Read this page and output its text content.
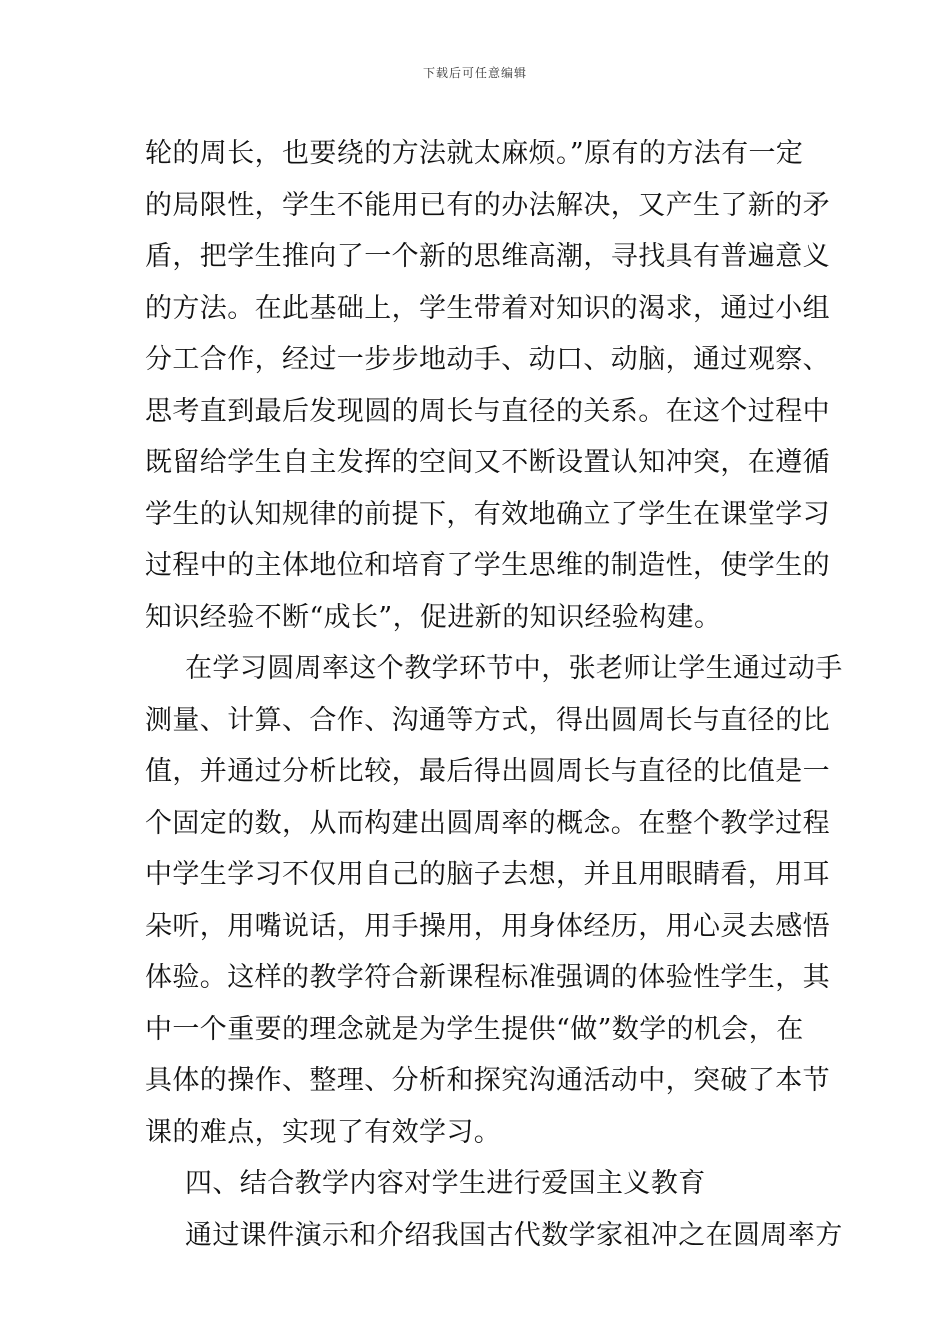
下载后可任意编辑
轮的周长，也要绕的方法就太麻烦。”原有的方法有一定
的局限性，学生不能用已有的办法解决，又产生了新的矛
盾，把学生推向了一个新的思维高潮，寻找具有普遍意义
的方法。在此基础上，学生带着对知识的渴求，通过小组
分工合作，经过一步步地动手、动口、动脑，通过观察、
思考直到最后发现圆的周长与直径的关系。在这个过程中
既留给学生自主发挥的空间又不断设置认知冲突，在遵循
学生的认知规律的前提下，有效地确立了学生在课堂学习
过程中的主体地位和培育了学生思维的制造性，使学生的
知识经验不断“成长”，促进新的知识经验构建。
在学习圆周率这个教学环节中，张老师让学生通过动手
测量、计算、合作、沟通等方式，得出圆周长与直径的比
值，并通过分析比较，最后得出圆周长与直径的比值是一
个固定的数，从而构建出圆周率的概念。在整个教学过程
中学生学习不仅用自己的脑子去想，并且用眼睛看，用耳
朵听，用嘴说话，用手操用，用身体经历，用心灵去感悟
体验。这样的教学符合新课程标准强调的体验性学生，其
中一个重要的理念就是为学生提供“做”数学的机会，在
具体的操作、整理、分析和探究沟通活动中，突破了本节
课的难点，实现了有效学习。
四、结合教学内容对学生进行爱国主义教育
通过课件演示和介绍我国古代数学家祖冲之在圆周率方
